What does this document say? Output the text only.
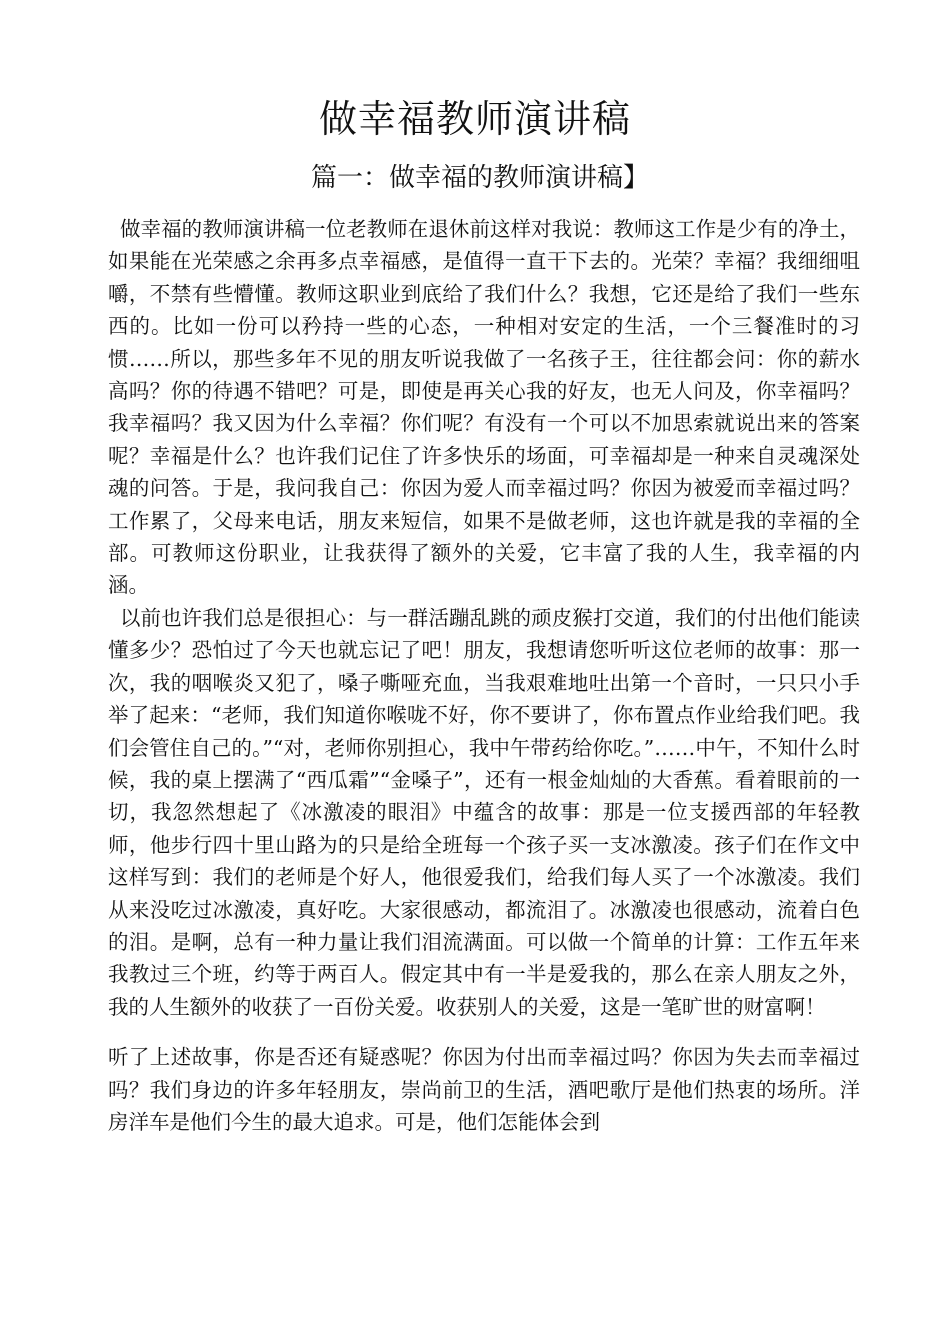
做幸福教师演讲稿
篇一：做幸福的教师演讲稿】

做幸福的教师演讲稿一位老教师在退休前这样对我说：教师这工作是少有的净土，如果能在光荣感之余再多点幸福感，是值得一直干下去的。光荣？幸福？我细细咀嚼，不禁有些懵懂。教师这职业到底给了我们什么？我想，它还是给了我们一些东西的。比如一份可以矜持一些的心态，一种相对安定的生活，一个三餐准时的习惯……所以，那些多年不见的朋友听说我做了一名孩子王，往往都会问：你的薪水高吗？你的待遇不错吧？可是，即使是再关心我的好友，也无人问及，你幸福吗？我幸福吗？我又因为什么幸福？你们呢？有没有一个可以不加思索就说出来的答案呢？幸福是什么？也许我们记住了许多快乐的场面，可幸福却是一种来自灵魂深处魂的问答。于是，我问我自己：你因为爱人而幸福过吗？你因为被爱而幸福过吗？工作累了，父母来电话，朋友来短信，如果不是做老师，这也许就是我的幸福的全部。可教师这份职业，让我获得了额外的关爱，它丰富了我的人生，我幸福的内涵。

以前也许我们总是很担心：与一群活蹦乱跳的顽皮猴打交道，我们的付出他们能读懂多少？恐怕过了今天也就忘记了吧！朋友，我想请您听听这位老师的故事：那一次，我的咽喉炎又犯了，嗓子嘶哑充血，当我艰难地吐出第一个音时，一只只小手举了起来：“老师，我们知道你喉咙不好，你不要讲了，你布置点作业给我们吧。我们会管住自己的。”“对，老师你别担心，我中午带药给你吃。”……中午，不知什么时候，我的桌上摆满了“西瓜霜”“金嗓子”，还有一根金灿灿的大香蕉。看着眼前的一切，我忽然想起了《冰激凌的眼泪》中蕴含的故事：那是一位支援西部的年轻教师，他步行四十里山路为的只是给全班每一个孩子买一支冰激凌。孩子们在作文中这样写到：我们的老师是个好人，他很爱我们，给我们每人买了一个冰激凌。我们从来没吃过冰激凌，真好吃。大家很感动，都流泪了。冰激凌也很感动，流着白色的泪。是啊，总有一种力量让我们泪流满面。可以做一个简单的计算：工作五年来我教过三个班，约等于两百人。假定其中有一半是爱我的，那么在亲人朋友之外，我的人生额外的收获了一百份关爱。收获别人的关爱，这是一笔旷世的财富啊！

听了上述故事，你是否还有疑惑呢？你因为付出而幸福过吗？你因为失去而幸福过吗？我们身边的许多年轻朋友，崇尚前卫的生活，酒吧歌厅是他们热衷的场所。洋房洋车是他们今生的最大追求。可是，他们怎能体会到
